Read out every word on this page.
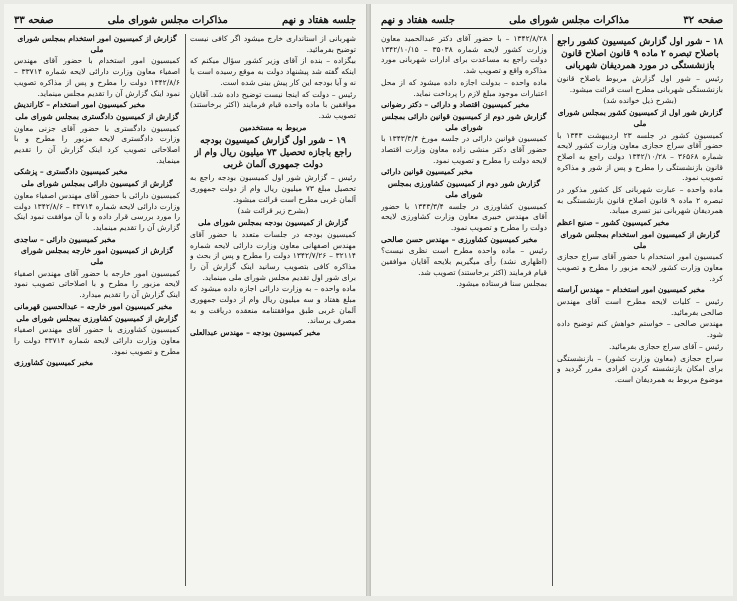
جلسه هفتاد و نهم
مذاکرات مجلس شورای ملی
صفحه ۳۳

شهربانی از استانداری خارج میشود اگر کافی نیست توضیح بفرمائید.

بیگزاده – بنده از آقای وزیر کشور سؤال میکنم که اینکه گفته شد پیشنهاد دولت به موقع رسیده است یا نه و آیا بودجه این کار پیش بینی شده است.

رئیس – دولت که اینجا نیست توضیح داده شد. آقایان موافقین با ماده واحده قیام فرمایند (اکثر برخاستند) تصویب شد.

مربوط به مستخدمین

۱۹ – شور اول گزارش کمیسیون بودجه راجع باجازه تحصیل ۷۳ میلیون ریال وام از دولت جمهوری آلمان غربی

رئیس – گزارش شور اول کمیسیون بودجه راجع به تحصیل مبلغ ۷۳ میلیون ریال وام از دولت جمهوری آلمان غربی مطرح است قرائت میشود.

(بشرح زیر قرائت شد)

گزارش از کمیسیون بودجه بمجلس شورای ملی

کمیسیون بودجه در جلسات متعدد با حضور آقای مهندس اصفهانی معاون وزارت دارائی لایحه شماره ۳۲۱۱۴ – ۱۳۴۲/۷/۲۶ دولت را مطرح و پس از بحث و مذاکره کافی بتصویب رسانید اینک گزارش آن را برای شور اول تقدیم مجلس شورای ملی مینماید.

ماده واحده – به وزارت دارائی اجازه داده میشود که مبلغ هفتاد و سه میلیون ریال وام از دولت جمهوری آلمان غربی طبق موافقتنامه منعقده دریافت و به مصرف برساند.

مخبر کمیسیون بودجه – مهندس عبدالعلی

گزارش از کمیسیون امور استخدام بمجلس شورای ملی

کمیسیون امور استخدام با حضور آقای مهندس اصفیاء معاون وزارت دارائی لایحه شماره ۳۳۷۱۴ – ۱۳۴۲/۸/۶ دولت را مطرح و پس از مذاکره تصویب نمود اینک گزارش آن را تقدیم مجلس مینماید.

مخبر کمیسیون امور استخدام – کاراندیش

گزارش از کمیسیون دادگستری بمجلس شورای ملی

کمیسیون دادگستری با حضور آقای جزنی معاون وزارت دادگستری لایحه مزبور را مطرح و با اصلاحاتی تصویب کرد اینک گزارش آن را تقدیم مینماید.

مخبر کمیسیون دادگستری – پزشکی

گزارش از کمیسیون دارائی بمجلس شورای ملی

کمیسیون دارائی با حضور آقای مهندس اصفیاء معاون وزارت دارائی لایحه شماره ۳۳۷۱۴ – ۱۳۴۲/۸/۶ دولت را مورد بررسی قرار داده و با آن موافقت نمود اینک گزارش آن را تقدیم مینماید.

مخبر کمیسیون دارائی – ساجدی

گزارش از کمیسیون امور خارجه بمجلس شورای ملی

کمیسیون امور خارجه با حضور آقای مهندس اصفیاء لایحه مزبور را مطرح و با اصلاحاتی تصویب نمود اینک گزارش آن را تقدیم میدارد.

مخبر کمیسیون امور خارجه – عبدالحسین قهرمانی

گزارش از کمیسیون کشاورزی بمجلس شورای ملی

کمیسیون کشاورزی با حضور آقای مهندس اصفیاء معاون وزارت دارائی لایحه شماره ۳۳۷۱۴ دولت را مطرح و تصویب نمود.

مخبر کمیسیون کشاورزی

صفحه ۳۲
مذاکرات مجلس شورای ملی
جلسه هفتاد و نهم
۱۸ – شور اول گزارش کمیسیون کشور راجع باصلاح تبصره ۲ ماده ۹ قانون اصلاح قانون بازنشستگی در مورد همردیفان شهربانی

رئیس – شور اول گزارش مربوط باصلاح قانون بازنشستگی شهربانی مطرح است قرائت میشود.

(بشرح ذیل خوانده شد)

گزارش شور اول از کمیسیون کشور بمجلس شورای ملی

کمیسیون کشور در جلسه ۲۳ اردیبهشت ۱۳۴۳ با حضور آقای سراج حجازی معاون وزارت کشور لایحه شماره ۳۶۵۶۸ – ۱۳۴۲/۱۰/۲۸ دولت راجع به اصلاح قانون بازنشستگی را مطرح و پس از شور و مذاکره تصویب نمود.

ماده واحده – عبارت شهربانی کل کشور مذکور در تبصره ۲ ماده ۹ قانون اصلاح قانون بازنشستگی به همردیفان شهربانی نیز تسری مییابد.

مخبر کمیسیون کشور – صنیع اعظم

گزارش از کمیسیون امور استخدام بمجلس شورای ملی

کمیسیون امور استخدام با حضور آقای سراج حجازی معاون وزارت کشور لایحه مزبور را مطرح و تصویب کرد.

مخبر کمیسیون امور استخدام – مهندس آراسته

رئیس – کلیات لایحه مطرح است آقای مهندس صالحی بفرمائید.

مهندس صالحی – خواستم خواهش کنم توضیح داده شود.

رئیس – آقای سراج حجازی بفرمائید.

سراج حجازی (معاون وزارت کشور) – بازنشستگی برای امکان بازنشسته کردن افرادی مقرر گردید و موضوع مربوط به همردیفان است.

۱۳۴۲/۸/۲۸ – با حضور آقای دکتر عبدالحمید معاون وزارت کشور لایحه شماره ۳۵۰۳۸ – ۱۳۴۲/۱۰/۱۵ دولت راجع به مساعدت برای ادارات شهربانی مورد مذاکره واقع و تصویب شد.

ماده واحده – بدولت اجازه داده میشود که از محل اعتبارات موجود مبلغ لازم را پرداخت نماید.

مخبر کمیسیون اقتصاد و دارائی – دکتر رضوانی

گزارش شور دوم از کمیسیون قوانین دارائی بمجلس شورای ملی

کمیسیون قوانین دارائی در جلسه مورخ ۱۳۴۳/۳/۴ با حضور آقای دکتر منشی زاده معاون وزارت اقتصاد لایحه دولت را مطرح و تصویب نمود.

مخبر کمیسیون قوانین دارائی

گزارش شور دوم از کمیسیون کشاورزی بمجلس شورای ملی

کمیسیون کشاورزی در جلسه ۱۳۴۳/۳/۴ با حضور آقای مهندس خبیری معاون وزارت کشاورزی لایحه دولت را مطرح و تصویب نمود.

مخبر کمیسیون کشاورزی – مهندس حسن صالحی

رئیس – ماده واحده مطرح است نظری نیست؟ (اظهاری نشد) رأی میگیریم بلایحه آقایان موافقین قیام فرمایند (اکثر برخاستند) تصویب شد.

بمجلس سنا فرستاده میشود.
